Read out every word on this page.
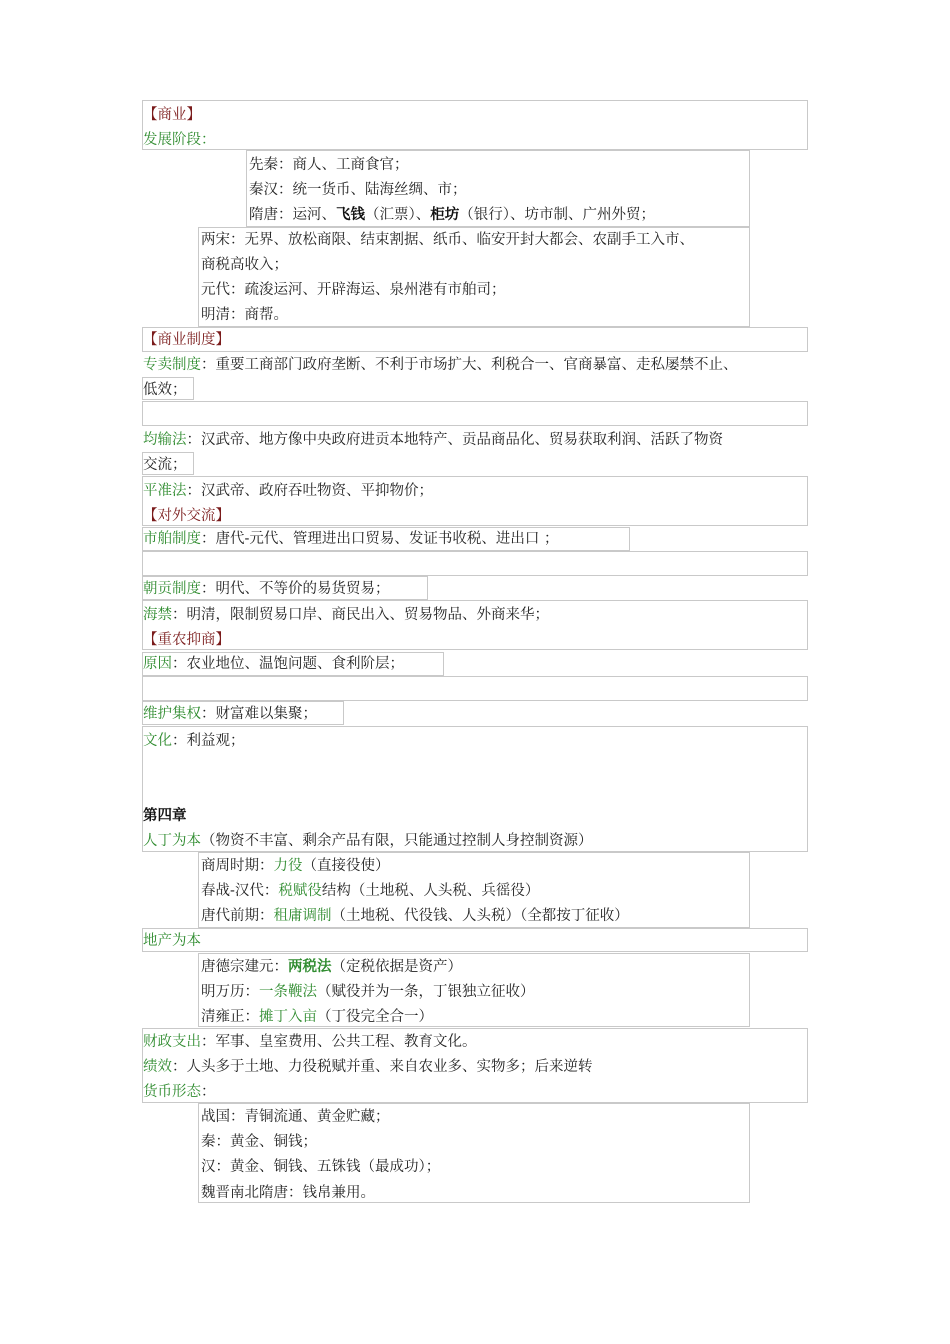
【商业】
发展阶段：
先秦：商人、工商食官；
秦汉：统一货币、陆海丝绸、市；
隋唐：运河、飞钱（汇票）、柜坊（银行）、坊市制、广州外贸；
两宋：无界、放松商限、结束割据、纸币、临安开封大都会、农副手工入市、
商税高收入；
元代：疏浚运河、开辟海运、泉州港有市舶司；
明清：商帮。
【商业制度】
专卖制度：重要工商部门政府垄断、不利于市场扩大、利税合一、官商暴富、走私屡禁不止、
低效；
均输法：汉武帝、地方像中央政府进贡本地特产、贡品商品化、贸易获取利润、活跃了物资
交流；
平准法：汉武帝、政府吞吐物资、平抑物价；
【对外交流】
市舶制度：唐代-元代、管理进出口贸易、发证书收税、进出口 ；
朝贡制度：明代、不等价的易货贸易；
海禁：明清，限制贸易口岸、商民出入、贸易物品、外商来华；
【重农抑商】
原因：农业地位、温饱问题、食利阶层；
维护集权：财富难以集聚；
文化：利益观；
第四章
人丁为本（物资不丰富、剩余产品有限，只能通过控制人身控制资源）
商周时期：力役（直接役使）
春战-汉代：税赋役结构（土地税、人头税、兵徭役）
唐代前期：租庸调制（土地税、代役钱、人头税）（全都按丁征收）
地产为本
唐德宗建元：两税法（定税依据是资产）
明万历：一条鞭法（赋役并为一条，丁银独立征收）
清雍正：摊丁入亩（丁役完全合一）
财政支出：军事、皇室费用、公共工程、教育文化。
绩效：人头多于土地、力役税赋并重、来自农业多、实物多；后来逆转
货币形态：
战国：青铜流通、黄金贮藏；
秦：黄金、铜钱；
汉：黄金、铜钱、五铢钱（最成功）；
魏晋南北隋唐：钱帛兼用。
